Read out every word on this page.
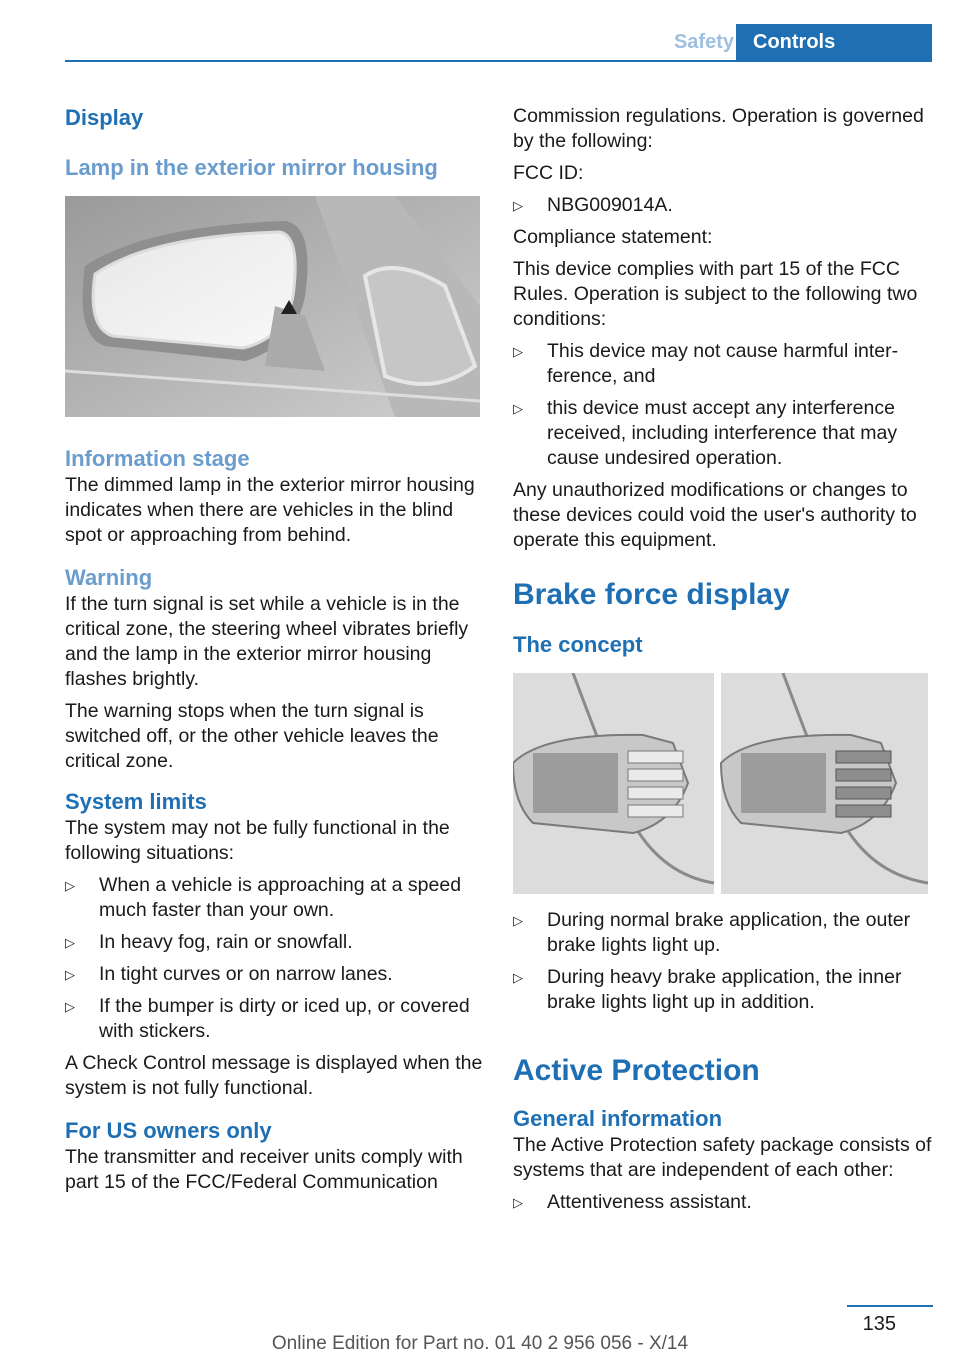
Safety Controls
Display
Lamp in the exterior mirror housing
Information stage

The dimmed lamp in the exterior mirror housing indicates when there are vehicles in the blind spot or approaching from behind.

Warning

If the turn signal is set while a vehicle is in the critical zone, the steering wheel vibrates briefly and the lamp in the exterior mirror housing flashes brightly.

The warning stops when the turn signal is switched off, or the other vehicle leaves the critical zone.

System limits

The system may not be fully functional in the following situations:

▷ When a vehicle is approaching at a speed much faster than your own.
▷ In heavy fog, rain or snowfall.
▷ In tight curves or on narrow lanes.
▷ If the bumper is dirty or iced up, or covered with stickers.

A Check Control message is displayed when the system is not fully functional.

For US owners only

The transmitter and receiver units comply with part 15 of the FCC/Federal Communication

Commission regulations. Operation is governed by the following:

FCC ID:

▷ NBG009014A.

Compliance statement:

This device complies with part 15 of the FCC Rules. Operation is subject to the following two conditions:

▷ This device may not cause harmful interference, and
▷ this device must accept any interference received, including interference that may cause undesired operation.

Any unauthorized modifications or changes to these devices could void the user's authority to operate this equipment.

Brake force display
The concept
▷ During normal brake application, the outer brake lights light up.
▷ During heavy brake application, the inner brake lights light up in addition.
Active Protection
General information

The Active Protection safety package consists of systems that are independent of each other:

▷ Attentiveness assistant.
135
Online Edition for Part no. 01 40 2 956 056 - X/14
